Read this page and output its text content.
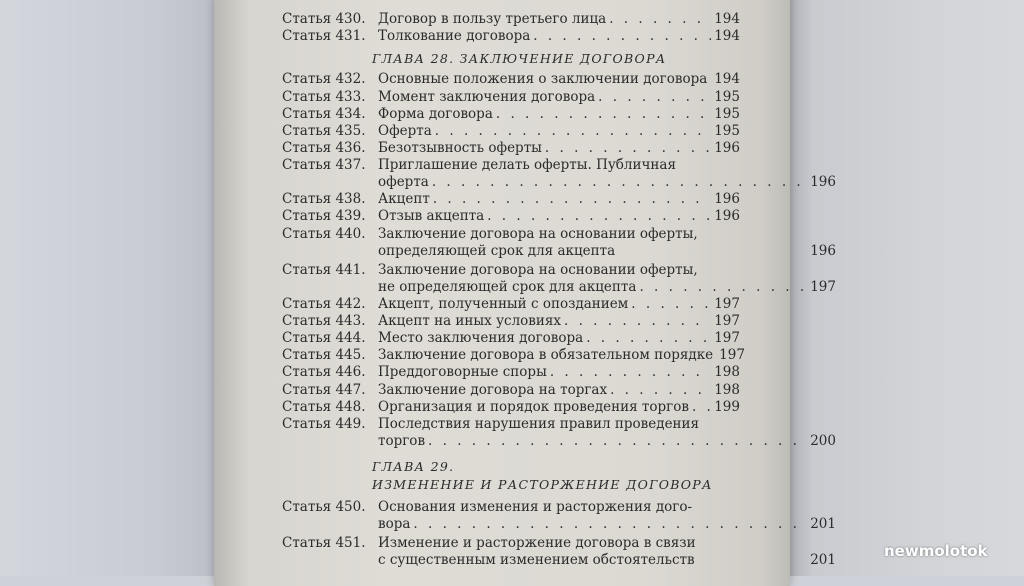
Статья 430. Договор в пользу третьего лица . . .	194
Статья 431. Толкование договора . . .	194
ГЛАВА 28. ЗАКЛЮЧЕНИЕ ДОГОВОРА
Статья 432. Основные положения о заключении договора 194
Статья 433. Момент заключения договора . . .	195
Статья 434. Форма договора . . .	195
Статья 435. Оферта . . .	195
Статья 436. Безотзывность оферты . . .	196
Статья 437. Приглашение делать оферты. Публичная
оферта . . .	196
Статья 438. Акцепт . . .	196
Статья 439. Отзыв акцепта . . .	196
Статья 440. Заключение договора на основании оферты,
определяющей срок для акцепта	196
Статья 441. Заключение договора на основании оферты,
не определяющей срок для акцепта . . .	197
Статья 442. Акцепт, полученный с опозданием . . .	197
Статья 443. Акцепт на иных условиях . . .	197
Статья 444. Место заключения договора . . .	197
Статья 445. Заключение договора в обязательном порядке 197
Статья 446. Преддоговорные споры . . .	198
Статья 447. Заключение договора на торгах . . .	198
Статья 448. Организация и порядок проведения торгов . . . 199
Статья 449. Последствия нарушения правил проведения
торгов . . .	200
ГЛАВА 29.
ИЗМЕНЕНИЕ И РАСТОРЖЕНИЕ ДОГОВОРА
Статья 450. Основания изменения и расторжения дого-
вора . . .	201
Статья 451. Изменение и расторжение договора в связи
с существенным изменением обстоятельств	201	newmolotok
